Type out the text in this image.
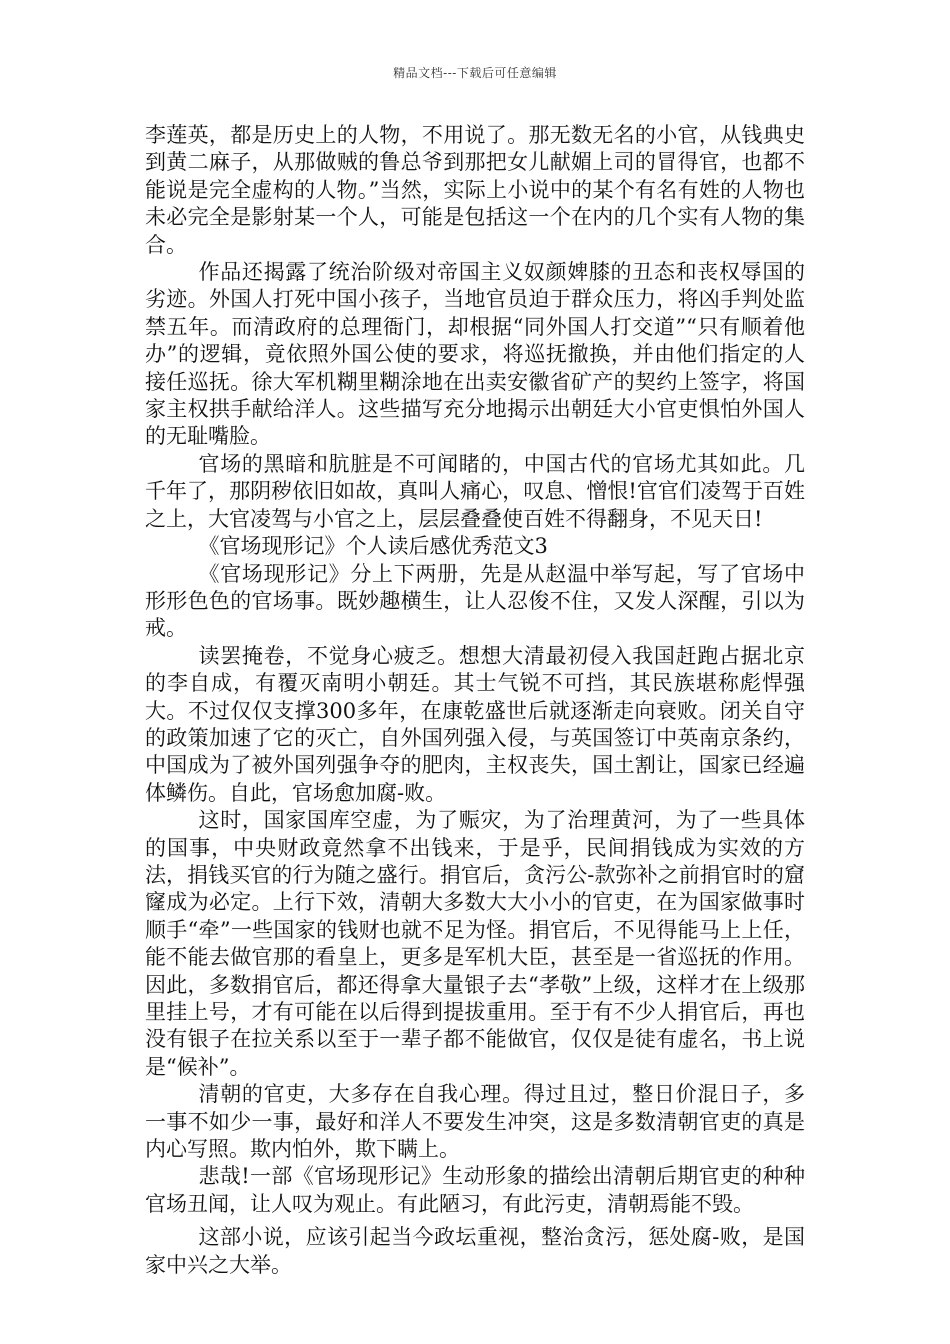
精品文档---下载后可任意编辑

李莲英，都是历史上的人物，不用说了。那无数无名的小官，从钱典史到黄二麻子，从那做贼的鲁总爷到那把女儿献媚上司的冒得官，也都不能说是完全虚构的人物。”当然，实际上小说中的某个有名有姓的人物也未必完全是影射某一个人，可能是包括这一个在内的几个实有人物的集合。

作品还揭露了统治阶级对帝国主义奴颜婢膝的丑态和丧权辱国的劣迹。外国人打死中国小孩子，当地官员迫于群众压力，将凶手判处监禁五年。而清政府的总理衙门，却根据“同外国人打交道”“只有顺着他办”的逻辑，竟依照外国公使的要求，将巡抚撤换，并由他们指定的人接任巡抚。徐大军机糊里糊涂地在出卖安徽省矿产的契约上签字，将国家主权拱手献给洋人。这些描写充分地揭示出朝廷大小官吏惧怕外国人的无耻嘴脸。

官场的黑暗和肮脏是不可闻睹的，中国古代的官场尤其如此。几千年了，那阴秽依旧如故，真叫人痛心，叹息、憎恨!官官们凌驾于百姓之上，大官凌驾与小官之上，层层叠叠使百姓不得翻身，不见天日!

《官场现形记》个人读后感优秀范文3

《官场现形记》分上下两册，先是从赵温中举写起，写了官场中形形色色的官场事。既妙趣横生，让人忍俊不住，又发人深醒，引以为戒。

读罢掩卷，不觉身心疲乏。想想大清最初侵入我国赶跑占据北京的李自成，有覆灭南明小朝廷。其士气锐不可挡，其民族堪称彪悍强大。不过仅仅支撑300多年，在康乾盛世后就逐渐走向衰败。闭关自守的政策加速了它的灭亡，自外国列强入侵，与英国签订中英南京条约，中国成为了被外国列强争夺的肥肉，主权丧失，国土割让，国家已经遍体鳞伤。自此，官场愈加腐-败。

这时，国家国库空虚，为了赈灾，为了治理黄河，为了一些具体的国事，中央财政竟然拿不出钱来，于是乎，民间捐钱成为实效的方法，捐钱买官的行为随之盛行。捐官后，贪污公-款弥补之前捐官时的窟窿成为必定。上行下效，清朝大多数大大小小的官吏，在为国家做事时顺手“牵”一些国家的钱财也就不足为怪。捐官后，不见得能马上上任，能不能去做官那的看皇上，更多是军机大臣，甚至是一省巡抚的作用。因此，多数捐官后，都还得拿大量银子去“孝敬”上级，这样才在上级那里挂上号，才有可能在以后得到提拔重用。至于有不少人捐官后，再也没有银子在拉关系以至于一辈子都不能做官，仅仅是徒有虚名，书上说是“候补”。

清朝的官吏，大多存在自我心理。得过且过，整日价混日子，多一事不如少一事，最好和洋人不要发生冲突，这是多数清朝官吏的真是内心写照。欺内怕外，欺下瞒上。

悲哉!一部《官场现形记》生动形象的描绘出清朝后期官吏的种种官场丑闻，让人叹为观止。有此陋习，有此污吏，清朝焉能不毁。

这部小说，应该引起当今政坛重视，整治贪污，惩处腐-败，是国家中兴之大举。
